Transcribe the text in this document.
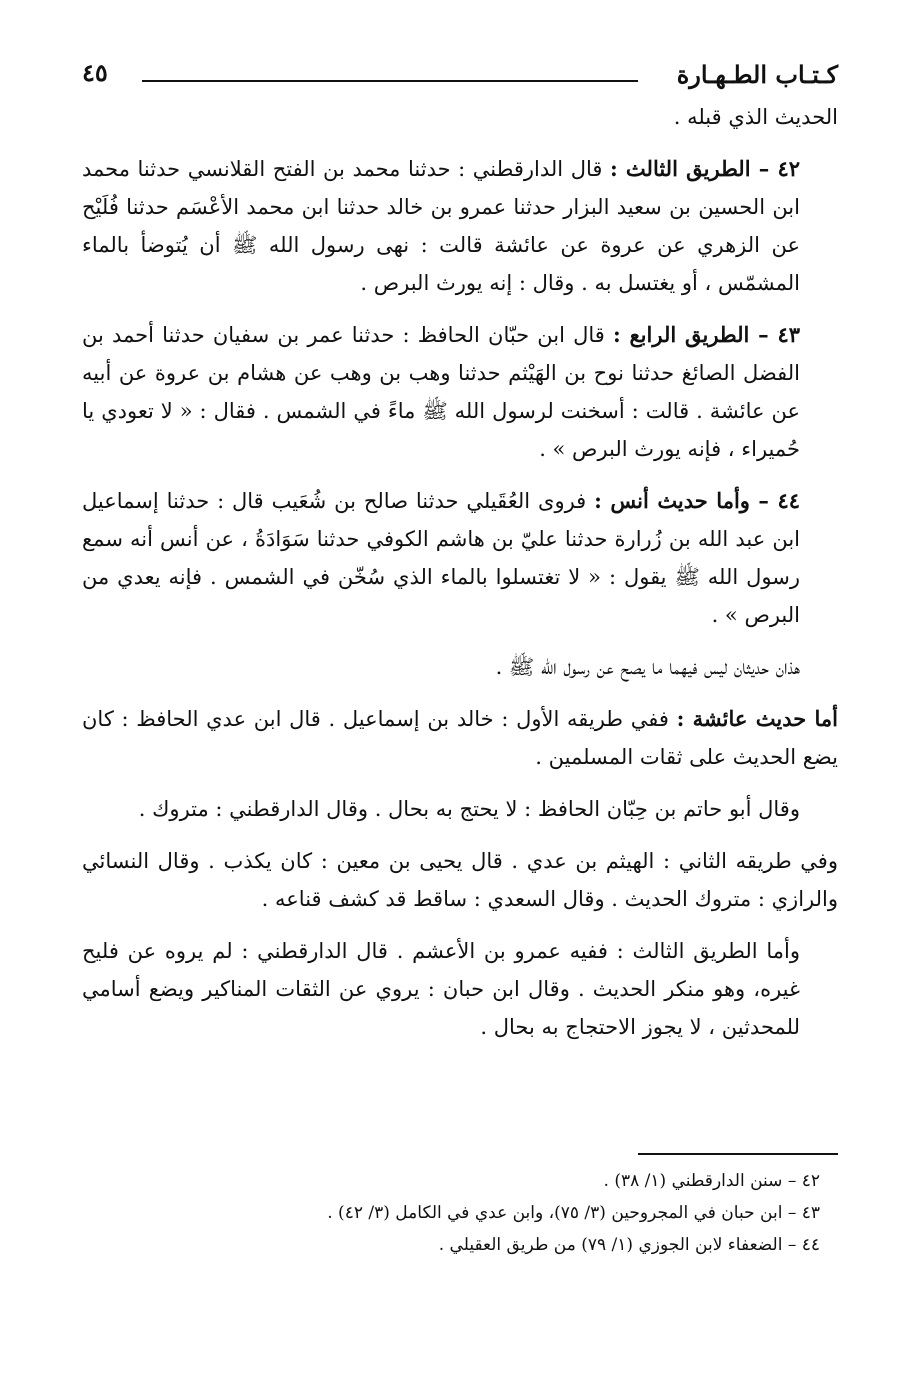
كـتـاب الطـهـارة
٤٥

الحديث الذي قبله .

٤٢ – الطريق الثالث : قال الدارقطني : حدثنا محمد بن الفتح القلانسي حدثنا محمد ابن الحسين بن سعيد البزار حدثنا عمرو بن خالد حدثنا ابن محمد الأعْسَم حدثنا فُلَيْح عن الزهري عن عروة عن عائشة قالت : نهى رسول الله ﷺ أن يُتوضأ بالماء المشمّس ، أو يغتسل به . وقال : إنه يورث البرص .

٤٣ – الطريق الرابع : قال ابن حبّان الحافظ : حدثنا عمر بن سفيان حدثنا أحمد بن الفضل الصائغ حدثنا نوح بن الهَيْثم حدثنا وهب بن وهب عن هشام بن عروة عن أبيه عن عائشة . قالت : أسخنت لرسول الله ﷺ ماءً في الشمس . فقال : « لا تعودي يا حُميراء ، فإنه يورث البرص » .

٤٤ – وأما حديث أنس : فروى العُقَيلي حدثنا صالح بن شُعَيب قال : حدثنا إسماعيل ابن عبد الله بن زُرارة حدثنا عليّ بن هاشم الكوفي حدثنا سَوَادَةُ ، عن أنس أنه سمع رسول الله ﷺ يقول : « لا تغتسلوا بالماء الذي سُخّن في الشمس . فإنه يعدي من البرص » .

هذان حديثان ليس فيهما ما يصح عن رسول الله ﷺ .

أما حديث عائشة : ففي طريقه الأول : خالد بن إسماعيل . قال ابن عدي الحافظ : كان يضع الحديث على ثقات المسلمين .

وقال أبو حاتم بن حِبّان الحافظ : لا يحتج به بحال . وقال الدارقطني : متروك .

وفي طريقه الثاني : الهيثم بن عدي . قال يحيى بن معين : كان يكذب . وقال النسائي والرازي : متروك الحديث . وقال السعدي : ساقط قد كشف قناعه .

وأما الطريق الثالث : ففيه عمرو بن الأعشم . قال الدارقطني : لم يروه عن فليح غيره، وهو منكر الحديث . وقال ابن حبان : يروي عن الثقات المناكير ويضع أسامي للمحدثين ، لا يجوز الاحتجاج به بحال .

٤٢ – سنن الدارقطني (١/ ٣٨) .

٤٣ – ابن حبان في المجروحين (٣/ ٧٥)، وابن عدي في الكامل (٣/ ٤٢) .

٤٤ – الضعفاء لابن الجوزي (١/ ٧٩) من طريق العقيلي .
